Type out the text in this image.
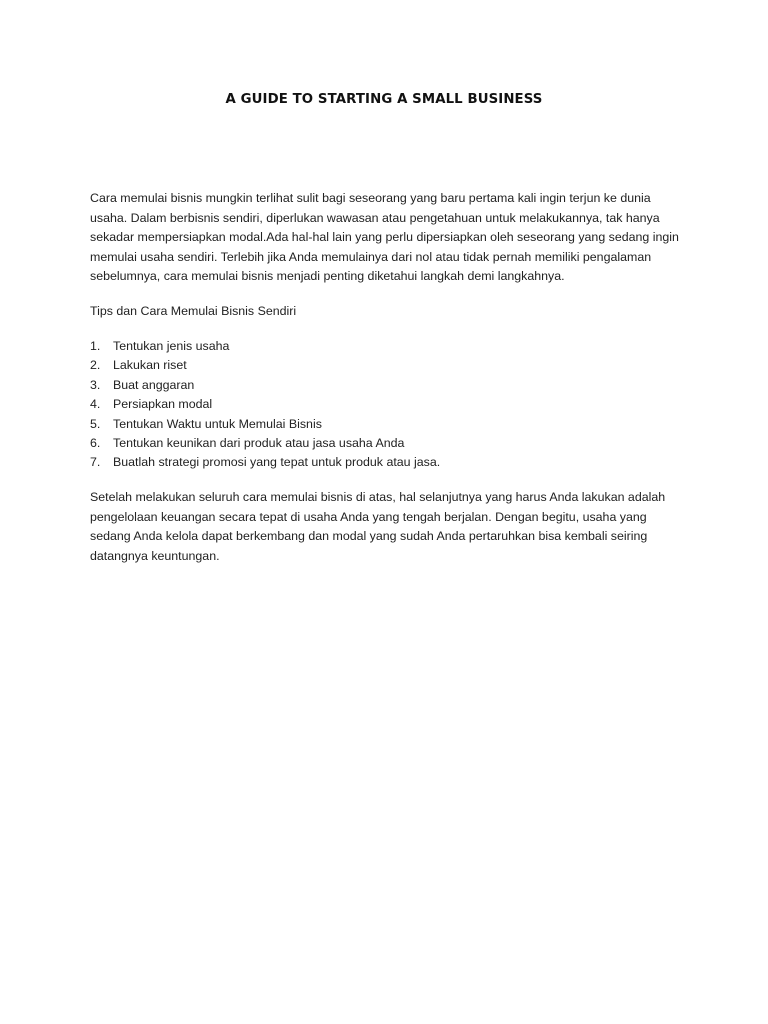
A GUIDE TO STARTING A SMALL BUSINESS

Cara memulai bisnis mungkin terlihat sulit bagi seseorang yang baru pertama kali ingin terjun ke dunia usaha. Dalam berbisnis sendiri, diperlukan wawasan atau pengetahuan untuk melakukannya, tak hanya sekadar mempersiapkan modal.Ada hal-hal lain yang perlu dipersiapkan oleh seseorang yang sedang ingin memulai usaha sendiri. Terlebih jika Anda memulainya dari nol atau tidak pernah memiliki pengalaman sebelumnya, cara memulai bisnis menjadi penting diketahui langkah demi langkahnya.

Tips dan Cara Memulai Bisnis Sendiri

1.	Tentukan jenis usaha
2.	Lakukan riset
3.	Buat anggaran
4.	Persiapkan modal
5.	Tentukan Waktu untuk Memulai Bisnis
6.	Tentukan keunikan dari produk atau jasa usaha Anda
7.	Buatlah strategi promosi yang tepat untuk produk atau jasa.

Setelah melakukan seluruh cara memulai bisnis di atas, hal selanjutnya yang harus Anda lakukan adalah pengelolaan keuangan secara tepat di usaha Anda yang tengah berjalan. Dengan begitu, usaha yang sedang Anda kelola dapat berkembang dan modal yang sudah Anda pertaruhkan bisa kembali seiring datangnya keuntungan.
